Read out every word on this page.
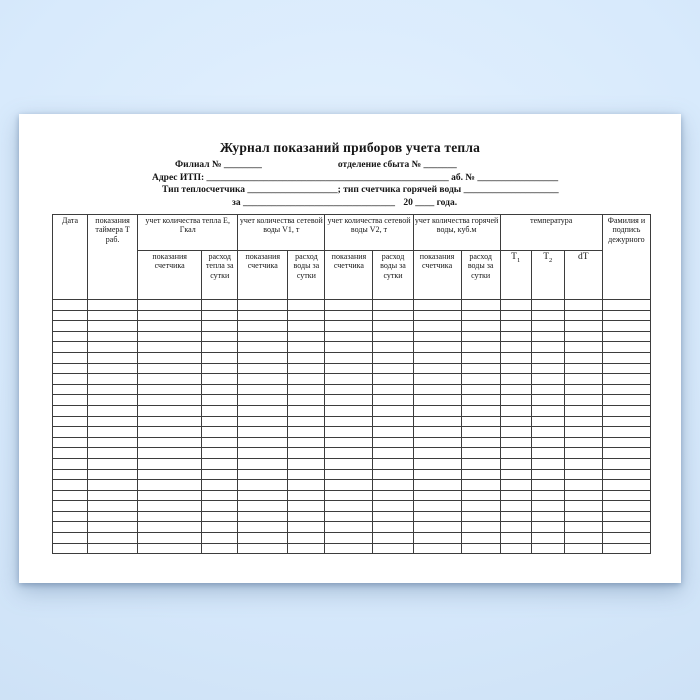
Журнал показаний приборов учета тепла
Филиал № ________	отделение сбыта № _______
Адрес ИТП: ___________________________________________________ аб. № _________________
Тип теплосчетчика ___________________; тип счетчика горячей воды ____________________
за ________________________________ 20 ____ года.
Дата	показания таймера Т раб.	учет количества тепла Е, Гкал		учет количества сетевой воды V1, т		учет количества сетевой воды V2, т		учет количества горячей воды, куб.м		температура			Фамилия и подпись дежурного
		показания счетчика	расход тепла за сутки	показания счетчика	расход воды за сутки	показания счетчика	расход воды за сутки	показания счетчика	расход воды за сутки	$T_1$	$T_2$	dT	
